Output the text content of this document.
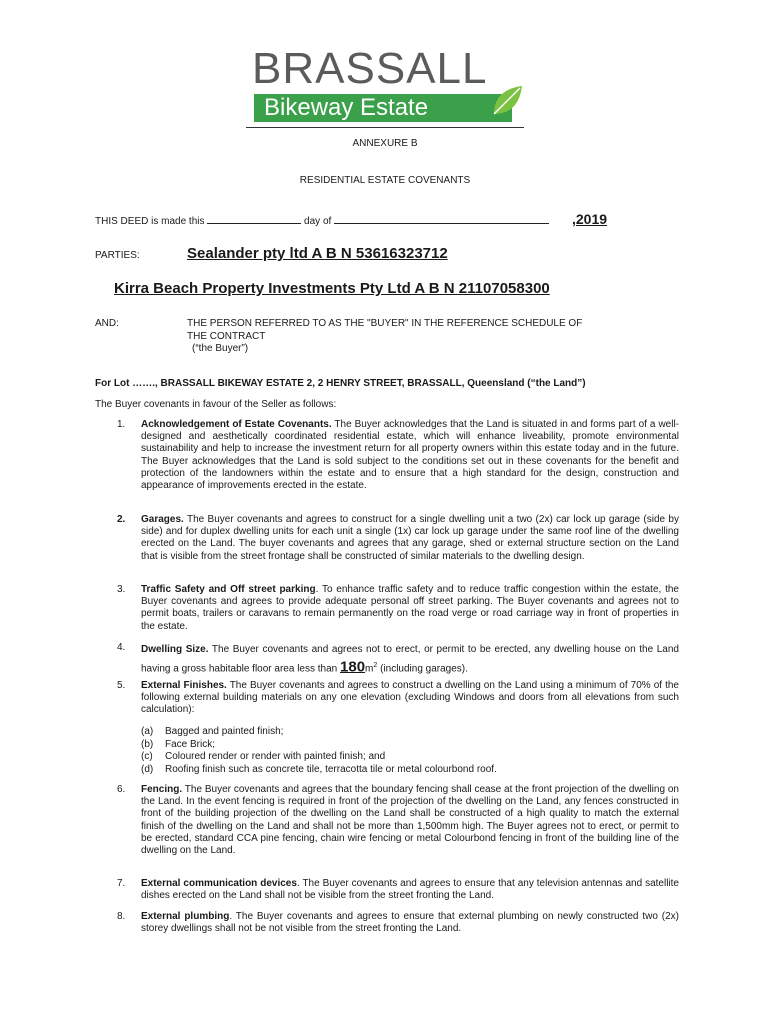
BRASSALL
Bikeway Estate
ANNEXURE B
RESIDENTIAL ESTATE COVENANTS
THIS DEED is made this	day of	,2019
PARTIES:	Sealander pty ltd A B N 53616323712
Kirra Beach Property Investments Pty Ltd A B N 21107058300
AND:	THE PERSON REFERRED TO AS THE "BUYER" IN THE REFERENCE SCHEDULE OF
THE CONTRACT
(“the Buyer”)
For Lot ……., BRASSALL BIKEWAY ESTATE 2, 2 HENRY STREET, BRASSALL, Queensland (“the Land”)
The Buyer covenants in favour of the Seller as follows:
1. Acknowledgement of Estate Covenants. The Buyer acknowledges that the Land is situated in and forms part of a well-designed and aesthetically coordinated residential estate, which will enhance liveability, promote environmental sustainability and help to increase the investment return for all property owners within this estate today and in the future. The Buyer acknowledges that the Land is sold subject to the conditions set out in these covenants for the benefit and protection of the landowners within the estate and to ensure that a high standard for the design, construction and appearance of improvements erected in the estate.
2. Garages. The Buyer covenants and agrees to construct for a single dwelling unit a two (2x) car lock up garage (side by side) and for duplex dwelling units for each unit a single (1x) car lock up garage under the same roof line of the dwelling erected on the Land. The buyer covenants and agrees that any garage, shed or external structure section on the Land that is visible from the street frontage shall be constructed of similar materials to the dwelling design.
3. Traffic Safety and Off street parking. To enhance traffic safety and to reduce traffic congestion within the estate, the Buyer covenants and agrees to provide adequate personal off street parking. The Buyer covenants and agrees not to permit boats, trailers or caravans to remain permanently on the road verge or road carriage way in front of properties in the estate.
4. Dwelling Size. The Buyer covenants and agrees not to erect, or permit to be erected, any dwelling house on the Land having a gross habitable floor area less than $180m^2$ (including garages).
5. External Finishes. The Buyer covenants and agrees to construct a dwelling on the Land using a minimum of 70% of the following external building materials on any one elevation (excluding Windows and doors from all elevations from such calculation):
(a) Bagged and painted finish;
(b) Face Brick;
(c) Coloured render or render with painted finish; and
(d) Roofing finish such as concrete tile, terracotta tile or metal colourbond roof.
6. Fencing. The Buyer covenants and agrees that the boundary fencing shall cease at the front projection of the dwelling on the Land. In the event fencing is required in front of the projection of the dwelling on the Land, any fences constructed in front of the building projection of the dwelling on the Land shall be constructed of a high quality to match the external finish of the dwelling on the Land and shall not be more than 1,500mm high. The Buyer agrees not to erect, or permit to be erected, standard CCA pine fencing, chain wire fencing or metal Colourbond fencing in front of the building line of the dwelling on the Land.
7. External communication devices. The Buyer covenants and agrees to ensure that any television antennas and satellite dishes erected on the Land shall not be visible from the street fronting the Land.
8. External plumbing. The Buyer covenants and agrees to ensure that external plumbing on newly constructed two (2x) storey dwellings shall not be not visible from the street fronting the Land.
